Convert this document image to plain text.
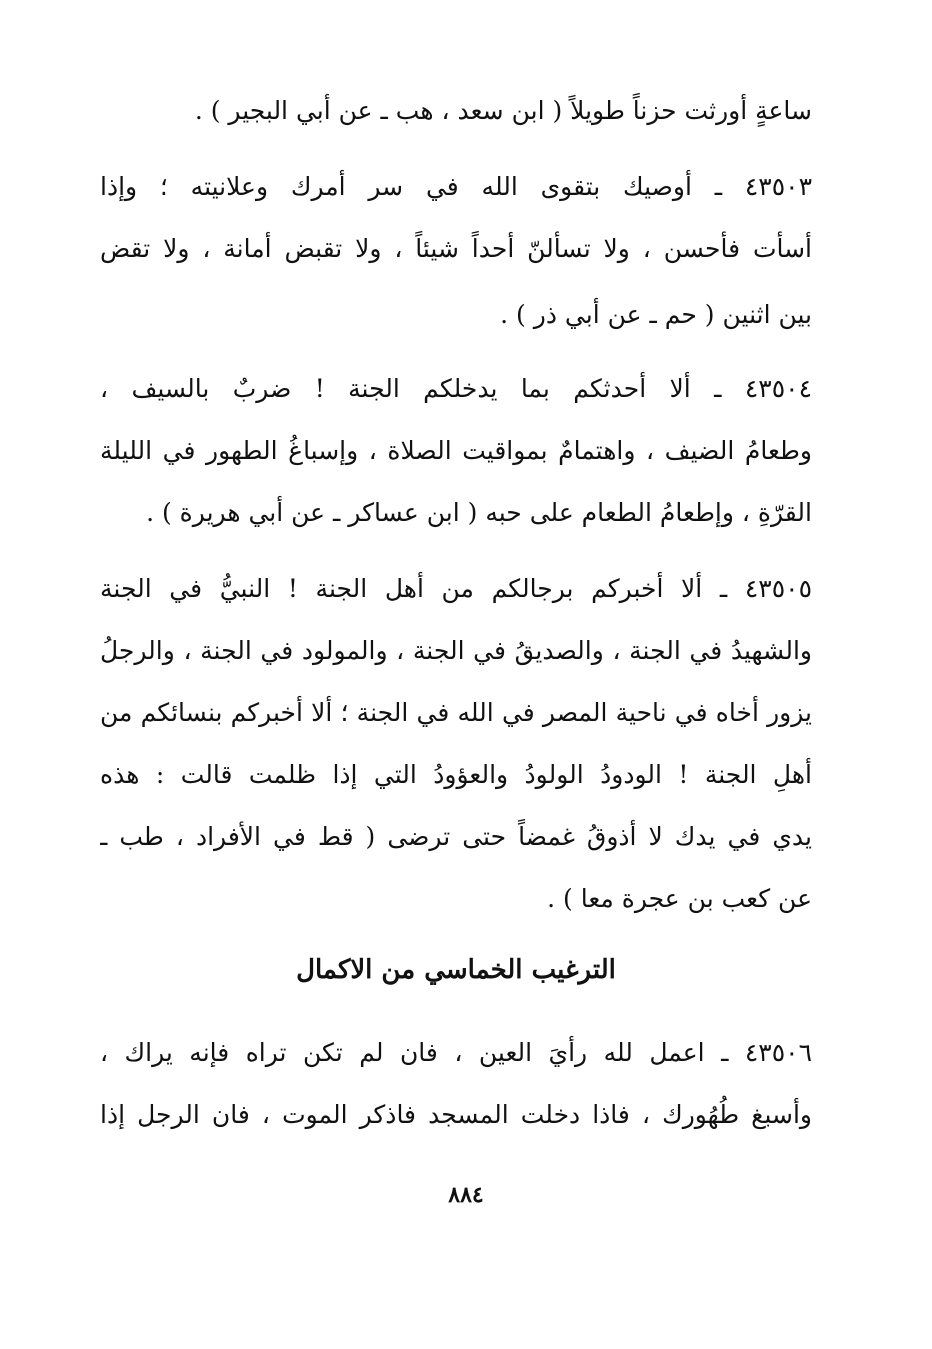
ساعةٍ أورثت حزناً طويلاً ( ابن سعد ، هب ـ عن أبي البجير ) .
٤٣٥٠٣ ـ أوصيك بتقوى الله في سر أمرك وعلانيته ؛ وإذا
أسأت فأحسن ، ولا تسألنّ أحداً شيئاً ، ولا تقبض أمانة ، ولا تقض
بين اثنين ( حم ـ عن أبي ذر ) .
٤٣٥٠٤ ـ ألا أحدثكم بما يدخلكم الجنة ! ضربٌ بالسيف ،
وطعامُ الضيف ، واهتمامٌ بمواقيت الصلاة ، وإسباغُ الطهور في الليلة
القرّةِ ، وإطعامُ الطعام على حبه ( ابن عساكر ـ عن أبي هريرة ) .
٤٣٥٠٥ ـ ألا أخبركم برجالكم من أهل الجنة ! النبيُّ في الجنة
والشهيدُ في الجنة ، والصديقُ في الجنة ، والمولود في الجنة ، والرجلُ
يزور أخاه في ناحية المصر في الله في الجنة ؛ ألا أخبركم بنسائكم من
أهلِ الجنة ! الودودُ الولودُ والعؤودُ التي إذا ظلمت قالت : هذه
يدي في يدك لا أذوقُ غمضاً حتى ترضى ( قط في الأفراد ، طب ـ
عن كعب بن عجرة معا ) .
الترغيب الخماسي من الاكمال
٤٣٥٠٦ ـ اعمل لله رأيَ العين ، فان لم تكن تراه فإنه يراك ،
وأسبغ طُهُورك ، فاذا دخلت المسجد فاذكر الموت ، فان الرجل إذا
٨٨٤
